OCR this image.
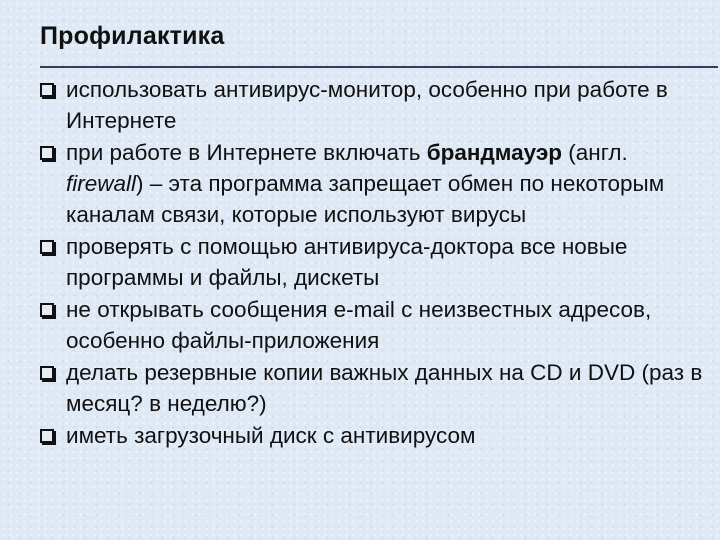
Профилактика
использовать антивирус-монитор, особенно при работе в Интернете
при работе в Интернете включать брандмауэр (англ. firewall) – эта программа запрещает обмен по некоторым каналам связи, которые используют вирусы
проверять с помощью антивируса-доктора все новые программы и файлы, дискеты
не открывать сообщения e-mail с неизвестных адресов, особенно файлы-приложения
делать резервные копии важных данных на CD и DVD (раз в месяц? в неделю?)
иметь загрузочный диск с антивирусом
